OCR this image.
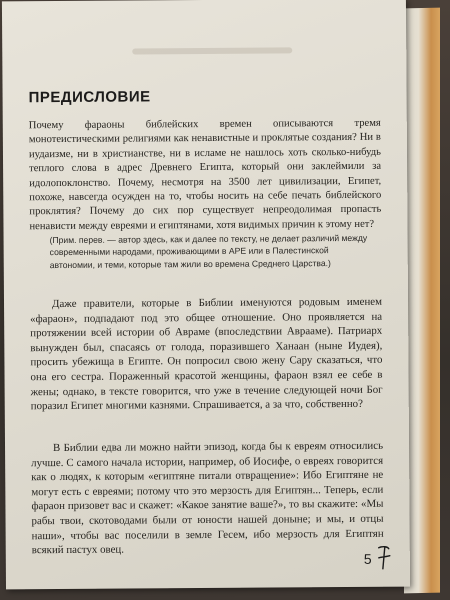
ПРЕДИСЛОВИЕ
Почему фараоны библейских времен описываются тремя монотеистическими религиями как ненавистные и проклятые создания? Ни в иудаизме, ни в христианстве, ни в исламе не нашлось хоть сколько-нибудь теплого слова в адрес Древнего Египта, который они заклеймили за идолопоклонство. Почему, несмотря на 3500 лет цивилизации, Египет, похоже, навсегда осужден на то, чтобы носить на себе печать библейского проклятия? Почему до сих пор существует непреодолимая пропасть ненависти между евреями и египтянами, хотя видимых причин к этому нет?
(Прим. перев. — автор здесь, как и далее по тексту, не делает различий между современными народами, проживающими в АРЕ или в Палестинской автономии, и теми, которые там жили во времена Среднего Царства.)
Даже правители, которые в Библии именуются родовым именем «фараон», подпадают под это общее отношение. Оно проявляется на протяжении всей истории об Авраме (впоследствии Аврааме). Патриарх вынужден был, спасаясь от голода, поразившего Ханаан (ныне Иудея), просить убежища в Египте. Он попросил свою жену Сару сказаться, что она его сестра. Пораженный красотой женщины, фараон взял ее себе в жены; однако, в тексте говорится, что уже в течение следующей ночи Бог поразил Египет многими казнями. Спрашивается, а за что, собственно?
В Библии едва ли можно найти эпизод, когда бы к евреям относились лучше. С самого начала истории, например, об Иосифе, о евреях говорится как о людях, к которым «египтяне питали отвращение»: Ибо Египтяне не могут есть с евреями; потому что это мерзость для Египтян... Теперь, если фараон призовет вас и скажет: «Какое занятие ваше?», то вы скажите: «Мы рабы твои, скотоводами были от юности нашей доныне; и мы, и отцы наши», чтобы вас поселили в земле Гесем, ибо мерзость для Египтян всякий пастух овец.
5
